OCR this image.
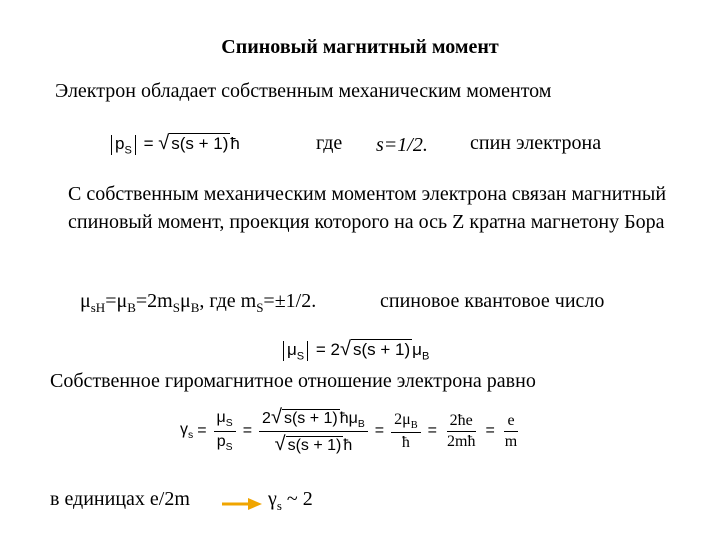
Спиновый магнитный момент
Электрон обладает собственным механическим моментом
$p_S$ = √ s(s + 1) ħ	где s=1/2. спин электрона
С собственным механическим моментом электрона связан магнитный спиновый момент, проекция которого на ось Z кратна магнетону Бора
$\mu_{sH}=\mu_B=2m_S\mu_B$, где $m_S=\pm 1/2$.	спиновое квантовое число
$\mu_S = 2√$ s(s + 1) $\mu_B$
Собственное гиромагнитное отношение электрона равно
$\gamma_s = \frac{\mu_S}{p_S} = \frac{2√ s(s + 1) ħ\mu_B}{√ s(s + 1) ħ} = \frac{2\mu_B}{ħ} = \frac{2ħe}{2mħ} = \frac{e}{m}$
в единицах e/2m	$\gamma_s$ ~ 2
